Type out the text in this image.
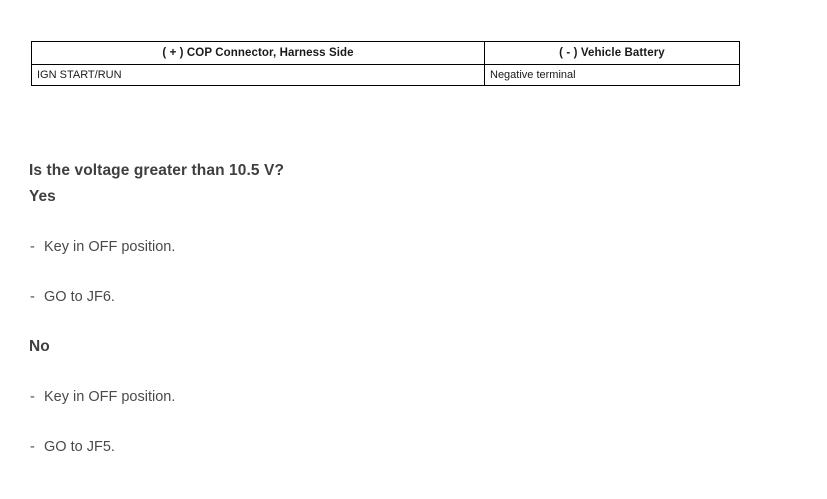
( + ) COP Connector, Harness Side	( - ) Vehicle Battery
IGN START/RUN	Negative terminal
Is the voltage greater than 10.5 V?
Yes
- Key in OFF position.
- GO to JF6.
No
- Key in OFF position.
- GO to JF5.
